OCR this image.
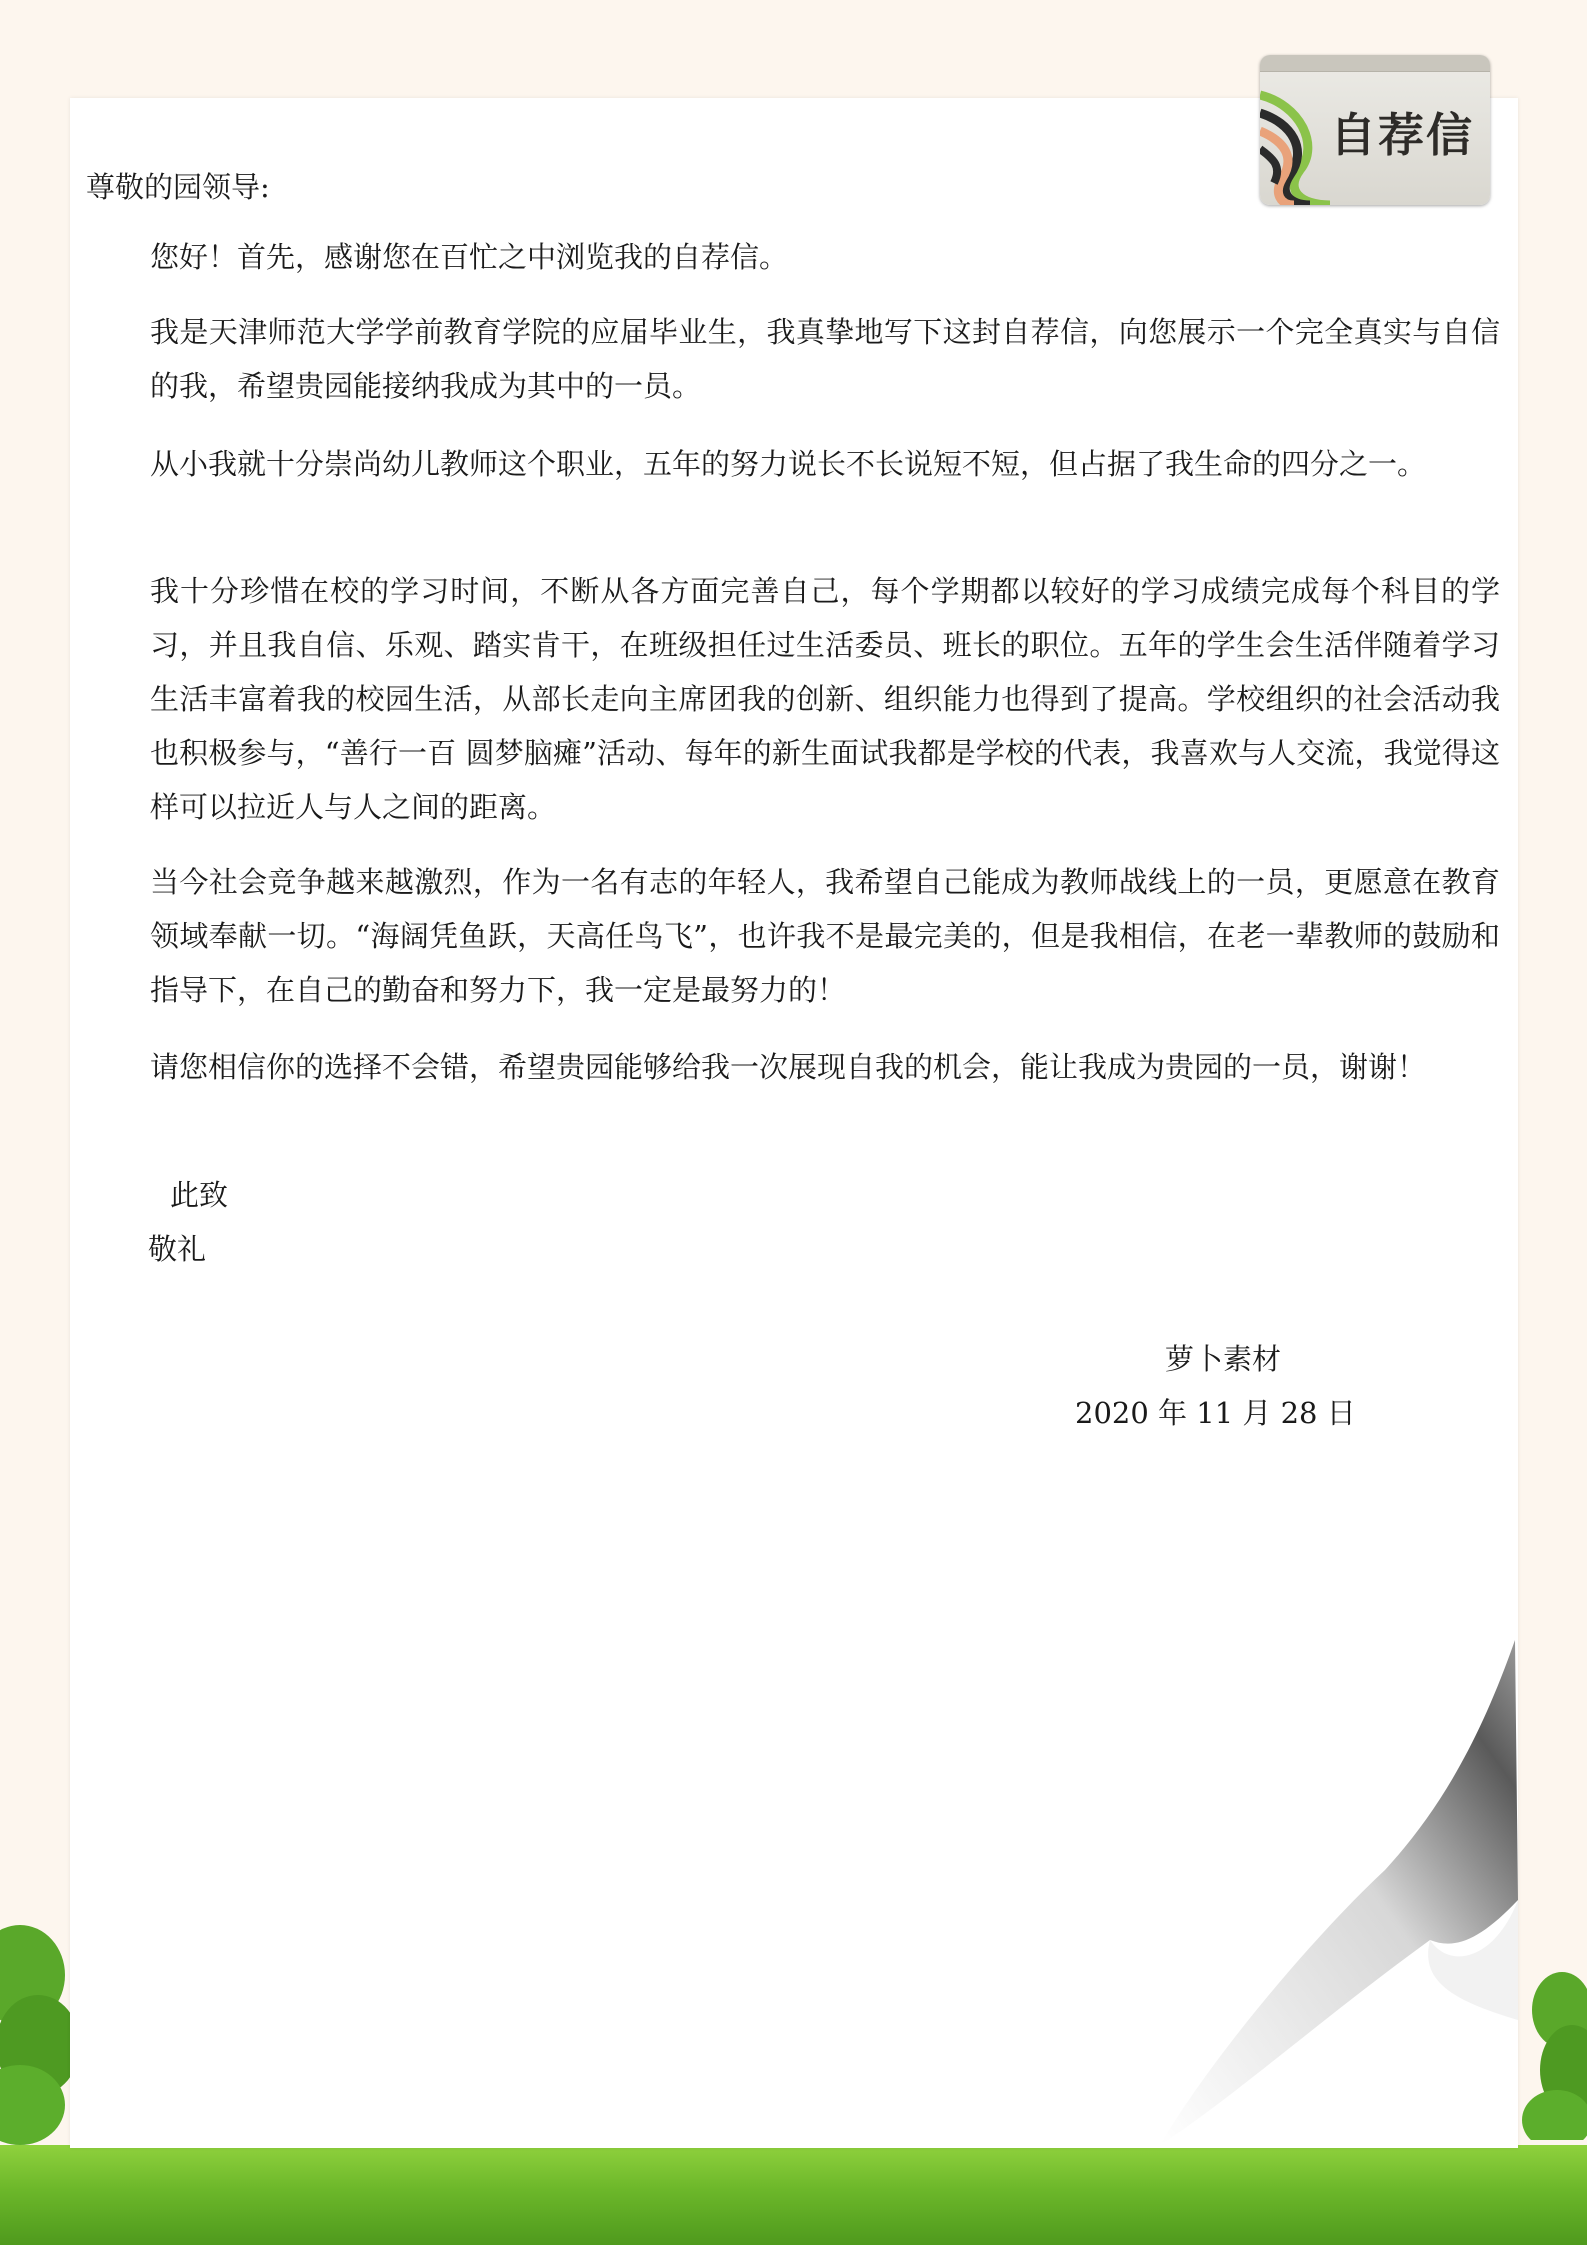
自荐信
尊敬的园领导:

您好！首先，感谢您在百忙之中浏览我的自荐信。

我是天津师范大学学前教育学院的应届毕业生，我真挚地写下这封自荐信，向您展示一个完全真实与自信的我，希望贵园能接纳我成为其中的一员。

从小我就十分崇尚幼儿教师这个职业，五年的努力说长不长说短不短，但占据了我生命的四分之一。

我十分珍惜在校的学习时间，不断从各方面完善自己，每个学期都以较好的学习成绩完成每个科目的学习，并且我自信、乐观、踏实肯干，在班级担任过生活委员、班长的职位。五年的学生会生活伴随着学习生活丰富着我的校园生活，从部长走向主席团我的创新、组织能力也得到了提高。学校组织的社会活动我也积极参与，“善行一百 圆梦脑瘫”活动、每年的新生面试我都是学校的代表，我喜欢与人交流，我觉得这样可以拉近人与人之间的距离。

当今社会竞争越来越激烈，作为一名有志的年轻人，我希望自己能成为教师战线上的一员，更愿意在教育领域奉献一切。“海阔凭鱼跃，天高任鸟飞”，也许我不是最完美的，但是我相信，在老一辈教师的鼓励和指导下，在自己的勤奋和努力下，我一定是最努力的！

请您相信你的选择不会错，希望贵园能够给我一次展现自我的机会，能让我成为贵园的一员，谢谢！

此致
敬礼
萝卜素材
2020 年 11 月 28 日
